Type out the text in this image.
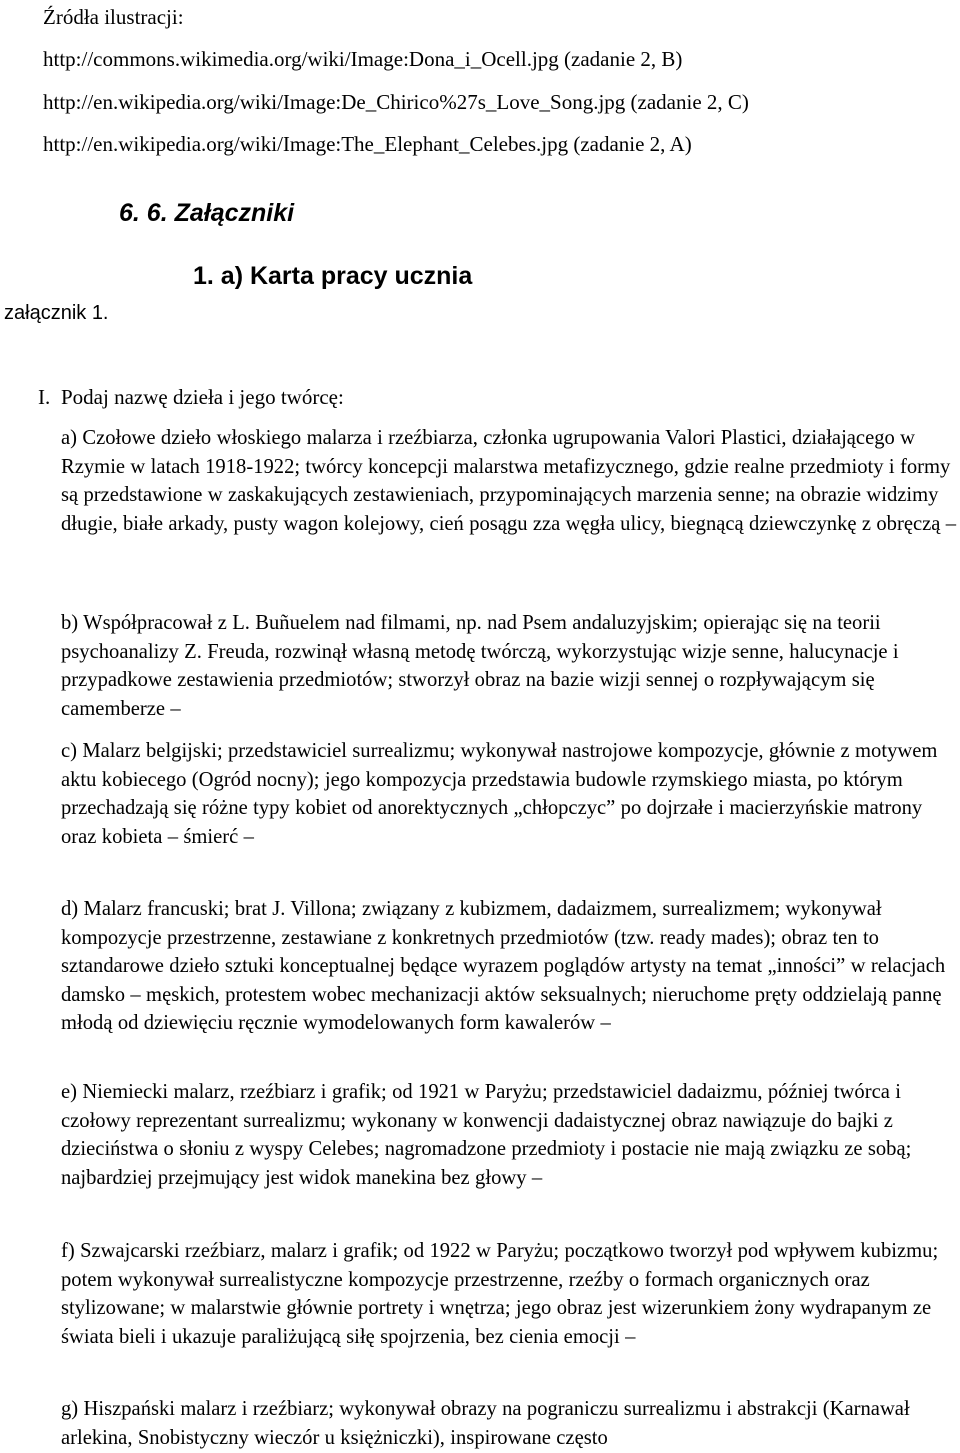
Źródła ilustracji:
http://commons.wikimedia.org/wiki/Image:Dona_i_Ocell.jpg (zadanie 2, B)
http://en.wikipedia.org/wiki/Image:De_Chirico%27s_Love_Song.jpg (zadanie 2, C)
http://en.wikipedia.org/wiki/Image:The_Elephant_Celebes.jpg (zadanie 2, A)
6. 6. Załączniki
1. a) Karta pracy ucznia
załącznik 1.
I. Podaj nazwę dzieła i jego twórcę:
a) Czołowe dzieło włoskiego malarza i rzeźbiarza, członka ugrupowania Valori Plastici, działającego w Rzymie w latach 1918-1922; twórcy koncepcji malarstwa metafizycznego, gdzie realne przedmioty i formy są przedstawione w zaskakujących zestawieniach, przypominających marzenia senne; na obrazie widzimy długie, białe arkady, pusty wagon kolejowy, cień posągu zza węgła ulicy, biegnącą dziewczynkę z obręczą –
b) Współpracował z L. Buñuelem nad filmami, np. nad Psem andaluzyjskim; opierając się na teorii psychoanalizy Z. Freuda, rozwinął własną metodę twórczą, wykorzystując wizje senne, halucynacje i przypadkowe zestawienia przedmiotów; stworzył obraz na bazie wizji sennej o rozpływającym się camemberze –
c) Malarz belgijski; przedstawiciel surrealizmu; wykonywał nastrojowe kompozycje, głównie z motywem aktu kobiecego (Ogród nocny); jego kompozycja przedstawia budowle rzymskiego miasta, po którym przechadzają się różne typy kobiet od anorektycznych „chłopczyc” po dojrzałe i macierzyńskie matrony oraz kobieta – śmierć –
d) Malarz francuski; brat J. Villona; związany z kubizmem, dadaizmem, surrealizmem; wykonywał kompozycje przestrzenne, zestawiane z konkretnych przedmiotów (tzw. ready mades); obraz ten to sztandarowe dzieło sztuki konceptualnej będące wyrazem poglądów artysty na temat „inności” w relacjach damsko – męskich, protestem wobec mechanizacji aktów seksualnych; nieruchome pręty oddzielają pannę młodą od dziewięciu ręcznie wymodelowanych form kawalerów –
e) Niemiecki malarz, rzeźbiarz i grafik; od 1921 w Paryżu; przedstawiciel dadaizmu, później twórca i czołowy reprezentant surrealizmu; wykonany w konwencji dadaistycznej obraz nawiązuje do bajki z dzieciństwa o słoniu z wyspy Celebes; nagromadzone przedmioty i postacie nie mają związku ze sobą; najbardziej przejmujący jest widok manekina bez głowy –
f) Szwajcarski rzeźbiarz, malarz i grafik; od 1922 w Paryżu; początkowo tworzył pod wpływem kubizmu; potem wykonywał surrealistyczne kompozycje przestrzenne, rzeźby o formach organicznych oraz stylizowane; w malarstwie głównie portrety i wnętrza; jego obraz jest wizerunkiem żony wydrapanym ze świata bieli i ukazuje paraliżującą siłę spojrzenia, bez cienia emocji –
g) Hiszpański malarz i rzeźbiarz; wykonywał obrazy na pograniczu surrealizmu i abstrakcji (Karnawał arlekina, Snobistyczny wieczór u księżniczki), inspirowane często
